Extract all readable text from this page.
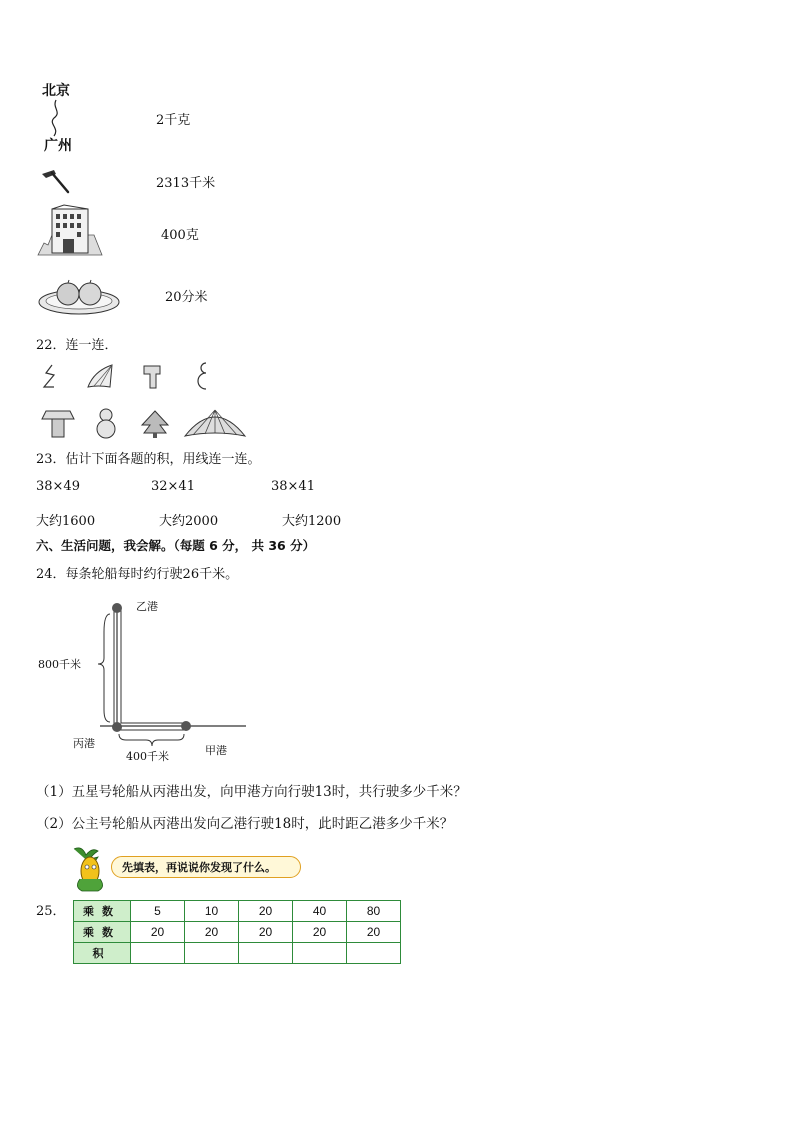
北京
广州
2千克
2313千米
400克
20分米
22．连一连．
23．估计下面各题的积，用线连一连。
38×49	32×41	38×41
大约1600	大约2000	大约1200
六、生活问题，我会解。（每题 6 分， 共 36 分）
24．每条轮船每时约行驶26千米。
乙港
800千米
丙港
甲港
400千米
（1）五星号轮船从丙港出发，向甲港方向行驶13时，共行驶多少千米？
（2）公主号轮船从丙港出发向乙港行驶18时，此时距乙港多少千米？
先填表，再说说你发现了什么。
25． 乘数	5	10	20	40	80
乘数	20	20	20	20	20
积					
